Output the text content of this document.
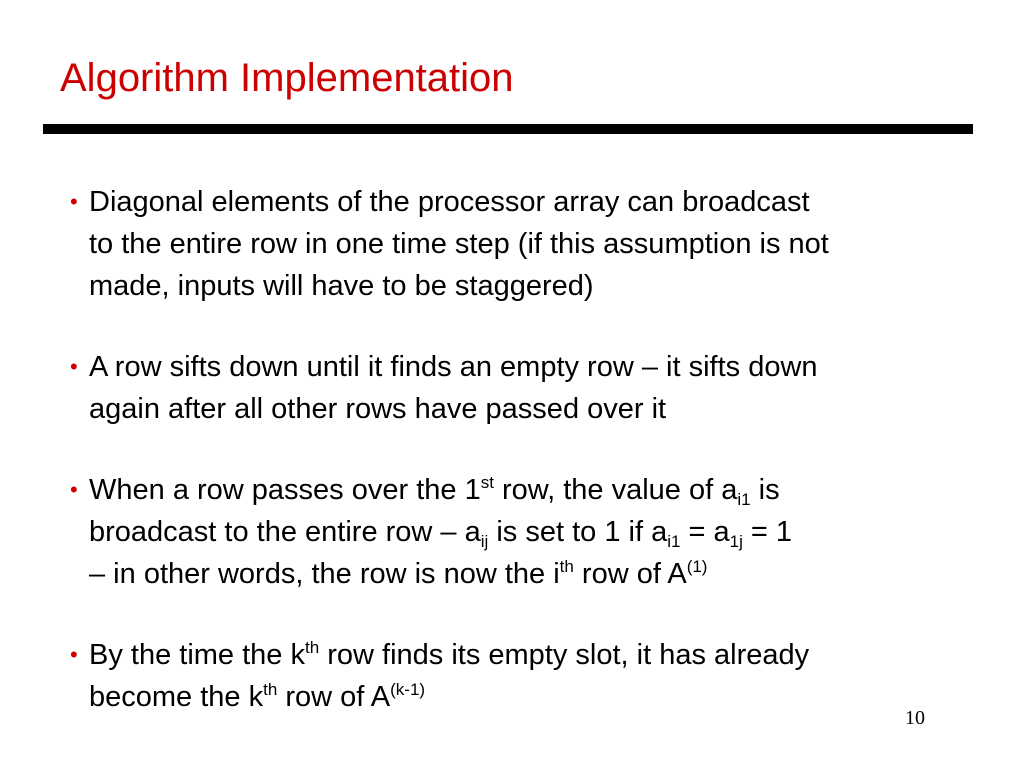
Algorithm Implementation
• Diagonal elements of the processor array can broadcast
to the entire row in one time step (if this assumption is not
made, inputs will have to be staggered)
• A row sifts down until it finds an empty row – it sifts down
again after all other rows have passed over it
• When a row passes over the 1st row, the value of $a_{i1}$ is
broadcast to the entire row – $a_{ij}$ is set to 1 if $a_{i1} = a_{1j} = 1$
– in other words, the row is now the $i^{th}$ row of $A^{(1)}$
• By the time the $k^{th}$ row finds its empty slot, it has already
become the $k^{th}$ row of $A^{(k-1)}$
10
